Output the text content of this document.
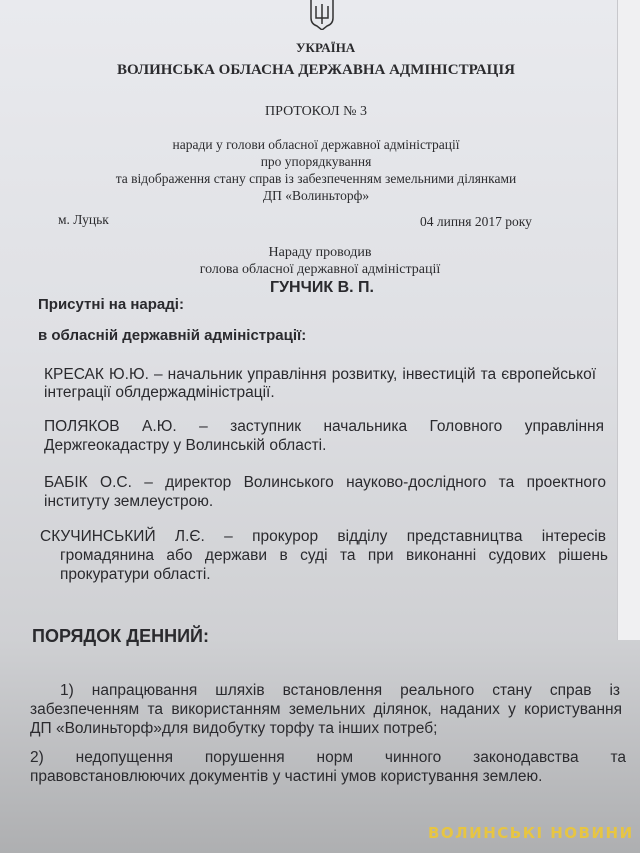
УКРАЇНА
ВОЛИНСЬКА ОБЛАСНА ДЕРЖАВНА АДМІНІСТРАЦІЯ
ПРОТОКОЛ № 3
наради у голови обласної державної адміністрації
про упорядкування
та відображення стану справ із забезпеченням земельними ділянками
ДП «Волиньторф»
м. Луцьк	04 липня 2017 року
Нараду проводив
голова обласної державної адміністрації
ГУНЧИК В. П.
Присутні на нараді:
в обласній державній адміністрації:
КРЕСАК Ю.Ю. – начальник управління розвитку, інвестицій та європейської
інтеграції облдержадміністрації.
ПОЛЯКОВ А.Ю. – заступник начальника Головного управління
Держгеокадастру у Волинській області.
БАБІК О.С. – директор Волинського науково-дослідного та проектного
інституту землеустрою.
СКУЧИНСЬКИЙ Л.Є. – прокурор відділу представництва інтересів
громадянина або держави в суді та при виконанні судових рішень
прокуратури області.
ПОРЯДОК ДЕННИЙ:
1) напрацювання шляхів встановлення реального стану справ із
забезпеченням та використанням земельних ділянок, наданих у користування
ДП «Волиньторф»для видобутку торфу та інших потреб;
2) недопущення порушення норм чинного законодавства та
правовстановлюючих документів у частині умов користування землею.
ВОЛИНСЬКІ НОВИНИ
